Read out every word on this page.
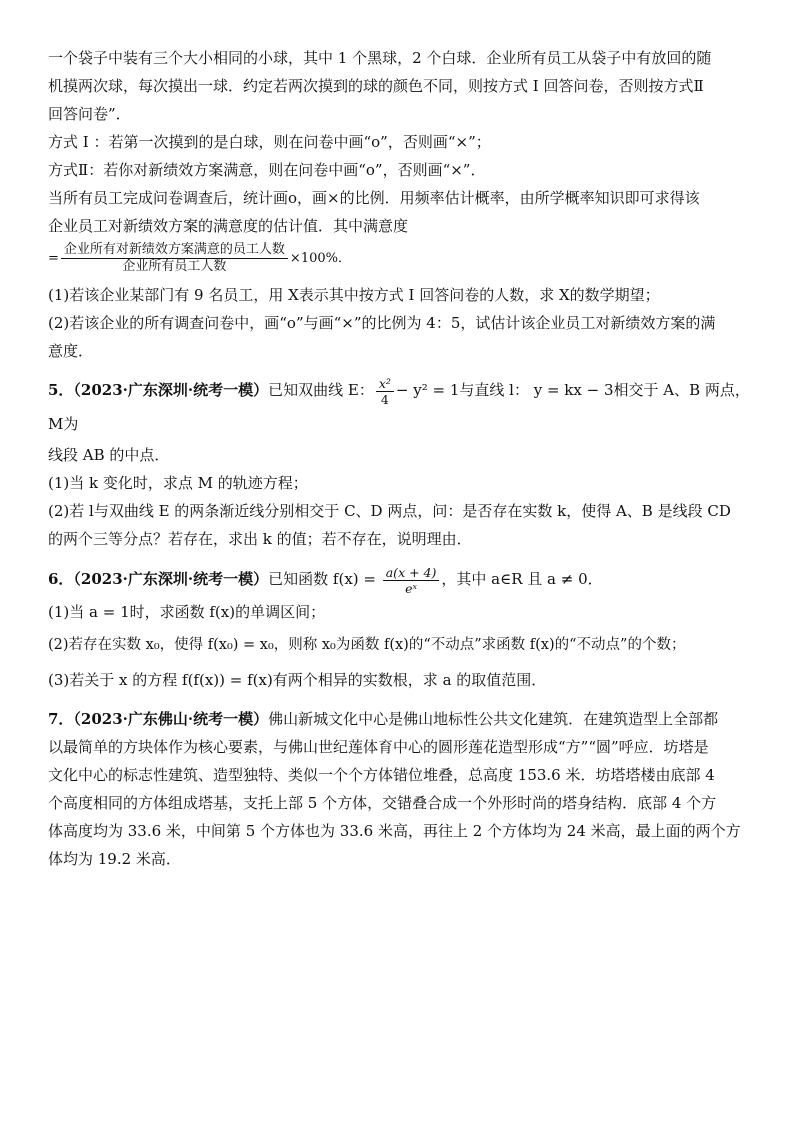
一个袋子中装有三个大小相同的小球，其中 1 个黑球，2 个白球．企业所有员工从袋子中有放回的随

机摸两次球，每次摸出一球．约定若两次摸到的球的颜色不同，则按方式 I 回答问卷，否则按方式Ⅱ

回答问卷”．

方式 I ：若第一次摸到的是白球，则在问卷中画“o”，否则画“×”；

方式Ⅱ：若你对新绩效方案满意，则在问卷中画“o”，否则画“×”．

当所有员工完成问卷调查后，统计画o，画×的比例．用频率估计概率，由所学概率知识即可求得该

企业员工对新绩效方案的满意度的估计值．其中满意度

= $\frac{\text{企业所有对新绩效方案满意的员工人数}}{\text{企业所有员工人数}} \times 100\%$．

(1)若该企业某部门有 9 名员工，用 X表示其中按方式 I 回答问卷的人数，求 X的数学期望；

(2)若该企业的所有调查问卷中，画“o”与画“×”的比例为 4：5，试估计该企业员工对新绩效方案的满

意度．

5．（2023·广东深圳·统考一模）已知双曲线 E： $\frac{\text{x²}}{4} - y^2 = 1$与直线 l： y = kx − 3相交于 A、B 两点，M为

线段 AB 的中点．

(1)当 k 变化时，求点 M 的轨迹方程；

(2)若 l与双曲线 E 的两条渐近线分别相交于 C、D 两点，问：是否存在实数 k，使得 A、B 是线段 CD

的两个三等分点？若存在，求出 k 的值；若不存在，说明理由．

6．（2023·广东深圳·统考一模）已知函数 $f(x) = \frac{a(x + 4)}{\text{eˣ}}$ ，其中 a∈R 且 a ≠ 0．

(1)当 a = 1时，求函数 f(x)的单调区间；

(2)若存在实数 x₀，使得 f(x₀) = x₀，则称 x₀为函数 f(x)的“不动点”求函数 f(x)的“不动点”的个数；

(3)若关于 x 的方程 f(f(x)) = f(x)有两个相异的实数根，求 a 的取值范围．

7．（2023·广东佛山·统考一模）佛山新城文化中心是佛山地标性公共文化建筑．在建筑造型上全部都

以最简单的方块体作为核心要素，与佛山世纪莲体育中心的圆形莲花造型形成“方”“圆”呼应．坊塔是

文化中心的标志性建筑、造型独特、类似一个个方体错位堆叠，总高度 153.6 米．坊塔塔楼由底部 4

个高度相同的方体组成塔基，支托上部 5 个方体，交错叠合成一个外形时尚的塔身结构．底部 4 个方

体高度均为 33.6 米，中间第 5 个方体也为 33.6 米高，再往上 2 个方体均为 24 米高，最上面的两个方

体均为 19.2 米高．
